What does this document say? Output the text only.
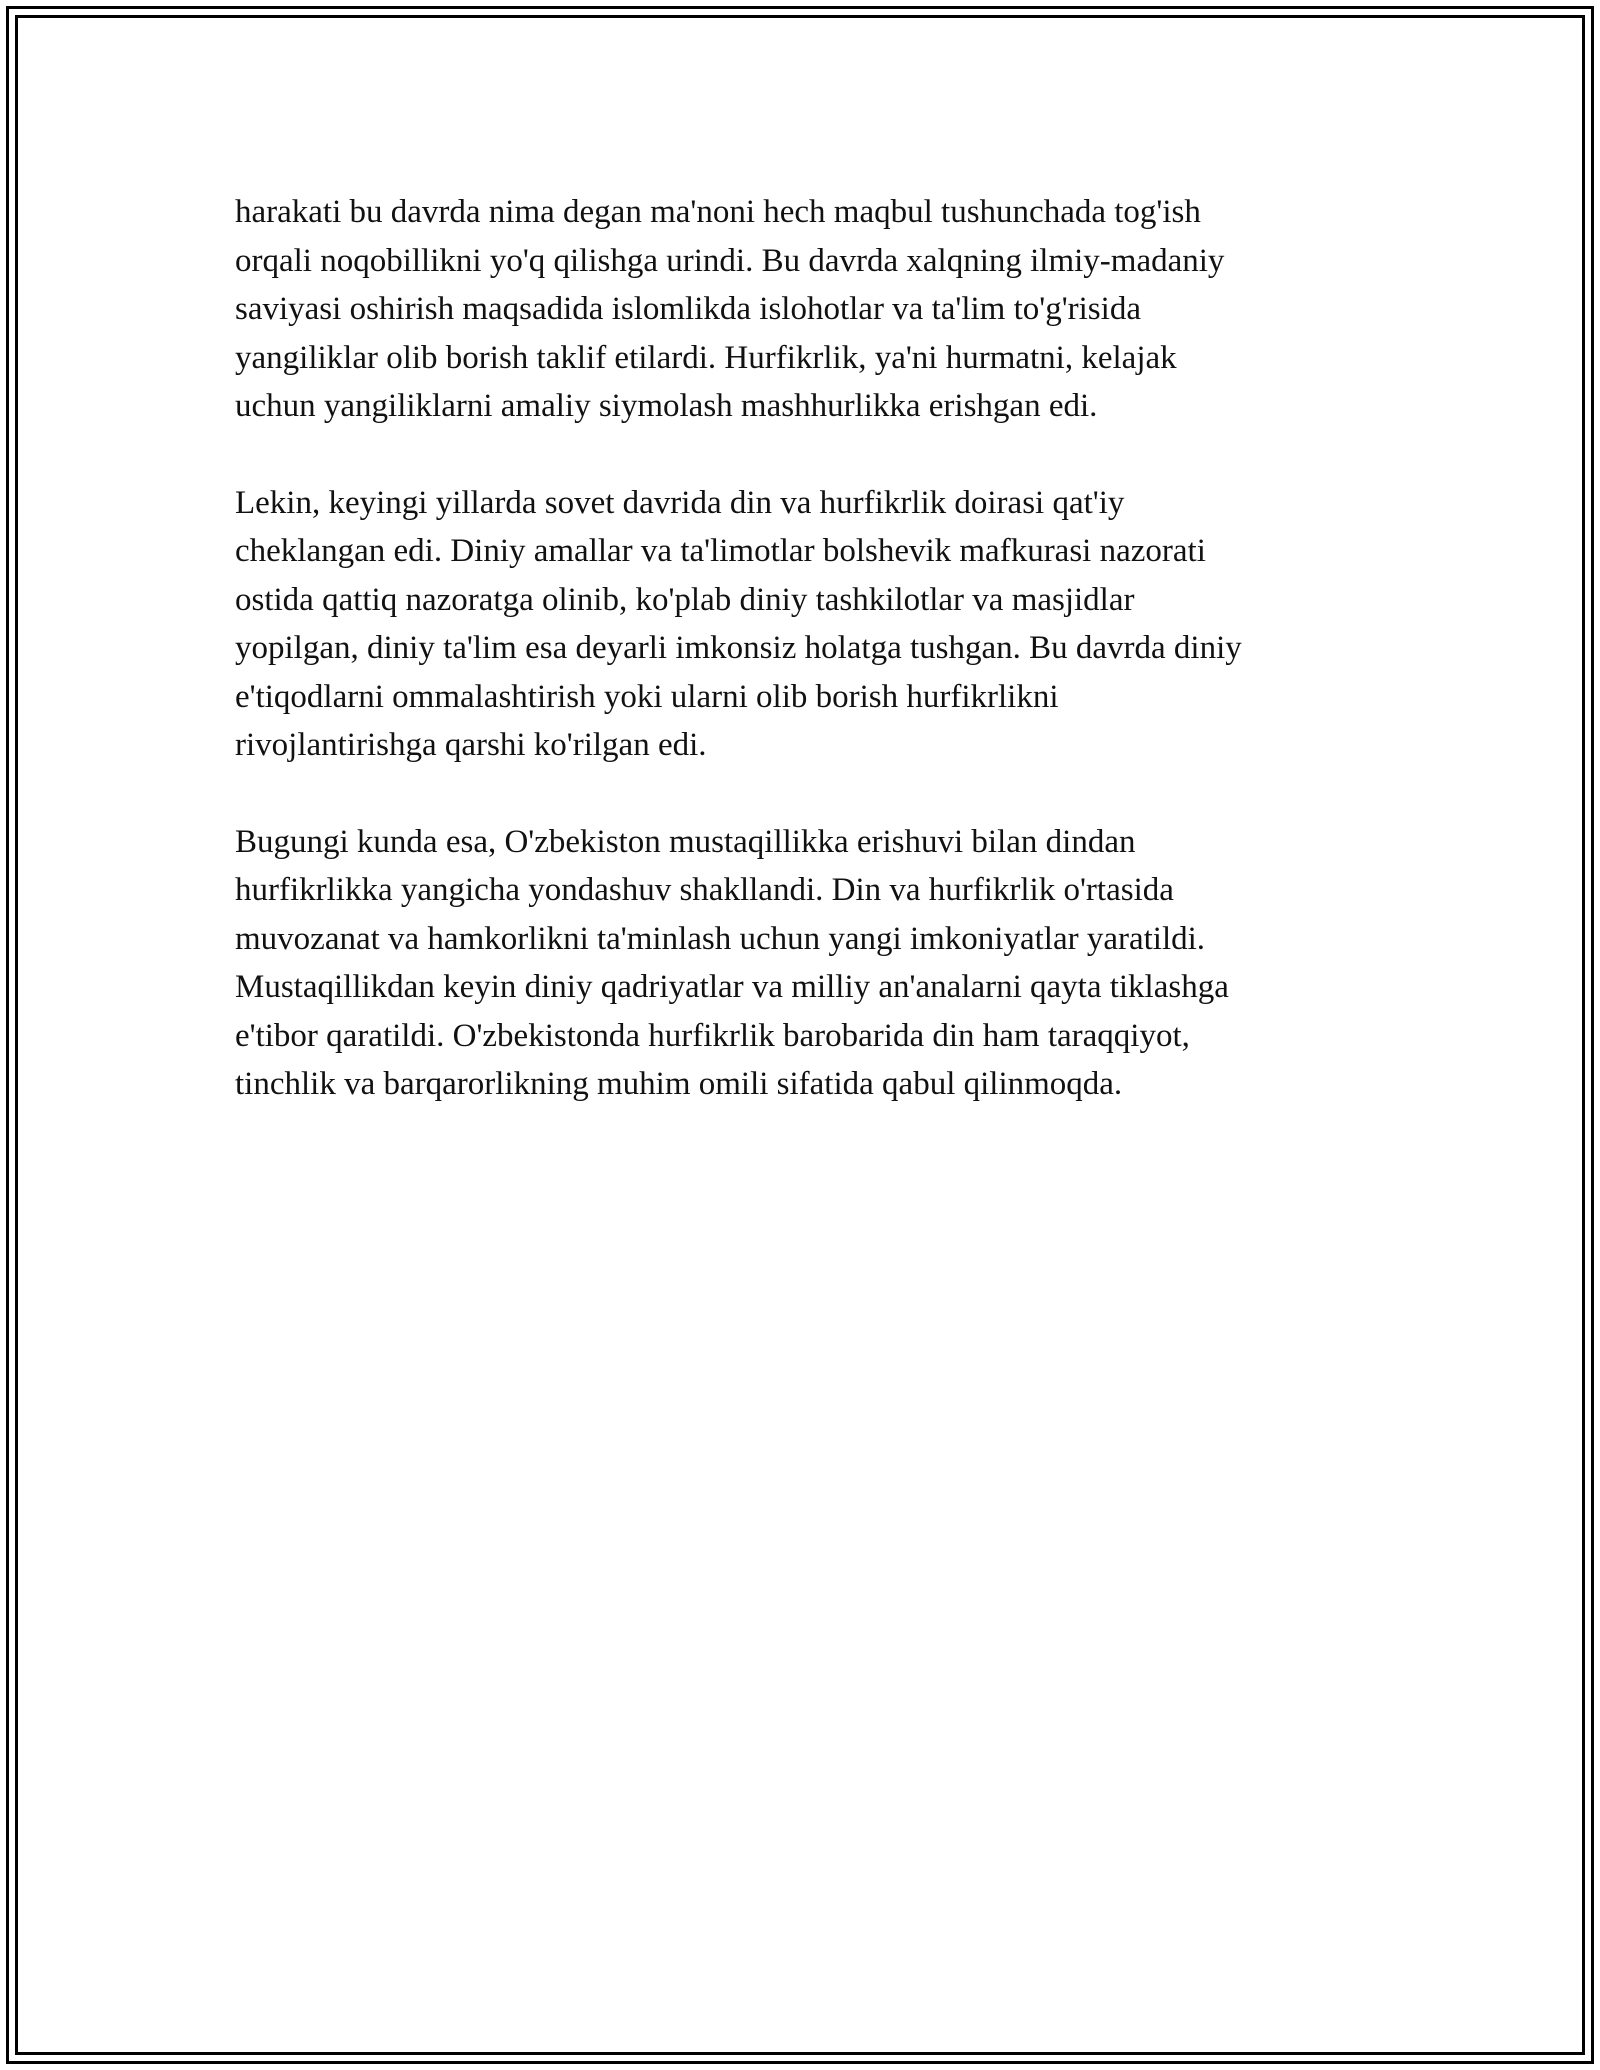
harakati bu davrda nima degan ma'noni hech maqbul tushunchada tog'ish
orqali noqobillikni yo'q qilishga urindi. Bu davrda xalqning ilmiy-madaniy
saviyasi oshirish maqsadida islomlikda islohotlar va ta'lim to'g'risida
yangiliklar olib borish taklif etilardi. Hurfikrlik, ya'ni hurmatni, kelajak
uchun yangiliklarni amaliy siymolash mashhurlikka erishgan edi.

Lekin, keyingi yillarda sovet davrida din va hurfikrlik doirasi qat'iy
cheklangan edi. Diniy amallar va ta'limotlar bolshevik mafkurasi nazorati
ostida qattiq nazoratga olinib, ko'plab diniy tashkilotlar va masjidlar
yopilgan, diniy ta'lim esa deyarli imkonsiz holatga tushgan. Bu davrda diniy
e'tiqodlarni ommalashtirish yoki ularni olib borish hurfikrlikni
rivojlantirishga qarshi ko'rilgan edi.

Bugungi kunda esa, O'zbekiston mustaqillikka erishuvi bilan dindan
hurfikrlikka yangicha yondashuv shakllandi. Din va hurfikrlik o'rtasida
muvozanat va hamkorlikni ta'minlash uchun yangi imkoniyatlar yaratildi.
Mustaqillikdan keyin diniy qadriyatlar va milliy an'analarni qayta tiklashga
e'tibor qaratildi. O'zbekistonda hurfikrlik barobarida din ham taraqqiyot,
tinchlik va barqarorlikning muhim omili sifatida qabul qilinmoqda.
